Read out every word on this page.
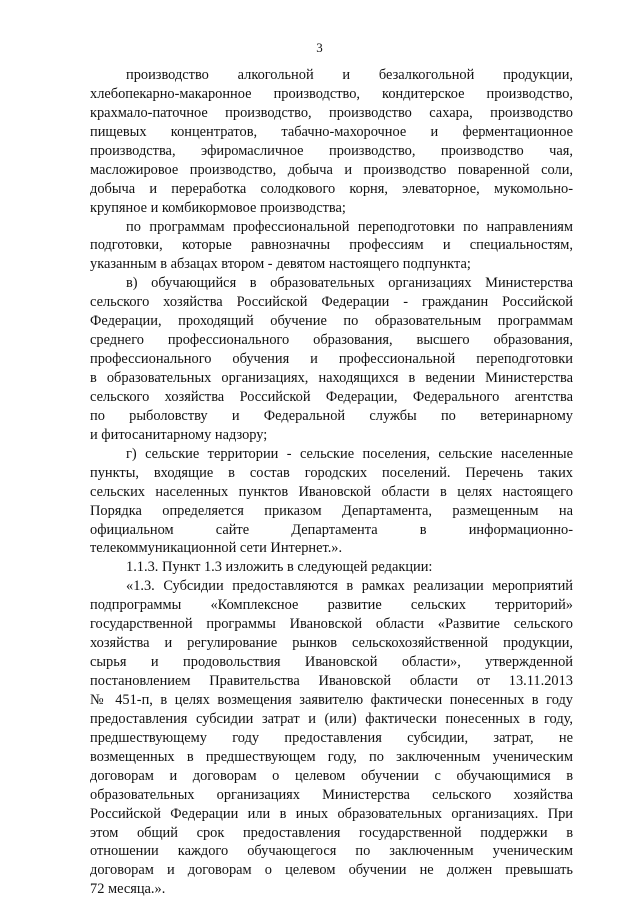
3
производство алкогольной и безалкогольной продукции,
хлебопекарно-макаронное производство, кондитерское производство,
крахмало-паточное производство, производство сахара, производство
пищевых концентратов, табачно-махорочное и ферментационное
производства, эфиромасличное производство, производство чая,
масложировое производство, добыча и производство поваренной соли,
добыча и переработка солодкового корня, элеваторное, мукомольно-
крупяное и комбикормовое производства;
по программам профессиональной переподготовки по направлениям
подготовки, которые равнозначны профессиям и специальностям,
указанным в абзацах втором - девятом настоящего подпункта;
в) обучающийся в образовательных организациях Министерства
сельского хозяйства Российской Федерации - гражданин Российской
Федерации, проходящий обучение по образовательным программам
среднего профессионального образования, высшего образования,
профессионального обучения и профессиональной переподготовки
в образовательных организациях, находящихся в ведении Министерства
сельского хозяйства Российской Федерации, Федерального агентства
по рыболовству и Федеральной службы по ветеринарному
и фитосанитарному надзору;
г) сельские территории - сельские поселения, сельские населенные
пункты, входящие в состав городских поселений. Перечень таких
сельских населенных пунктов Ивановской области в целях настоящего
Порядка определяется приказом Департамента, размещенным на
официальном сайте Департамента в информационно-
телекоммуникационной сети Интернет.».
1.1.3. Пункт 1.3 изложить в следующей редакции:
«1.3. Субсидии предоставляются в рамках реализации мероприятий
подпрограммы «Комплексное развитие сельских территорий»
государственной программы Ивановской области «Развитие сельского
хозяйства и регулирование рынков сельскохозяйственной продукции,
сырья и продовольствия Ивановской области», утвержденной
постановлением Правительства Ивановской области от 13.11.2013
№ 451-п, в целях возмещения заявителю фактически понесенных в году
предоставления субсидии затрат и (или) фактически понесенных в году,
предшествующему году предоставления субсидии, затрат, не
возмещенных в предшествующем году, по заключенным ученическим
договорам и договорам о целевом обучении с обучающимися в
образовательных организациях Министерства сельского хозяйства
Российской Федерации или в иных образовательных организациях. При
этом общий срок предоставления государственной поддержки в
отношении каждого обучающегося по заключенным ученическим
договорам и договорам о целевом обучении не должен превышать
72 месяца.».
